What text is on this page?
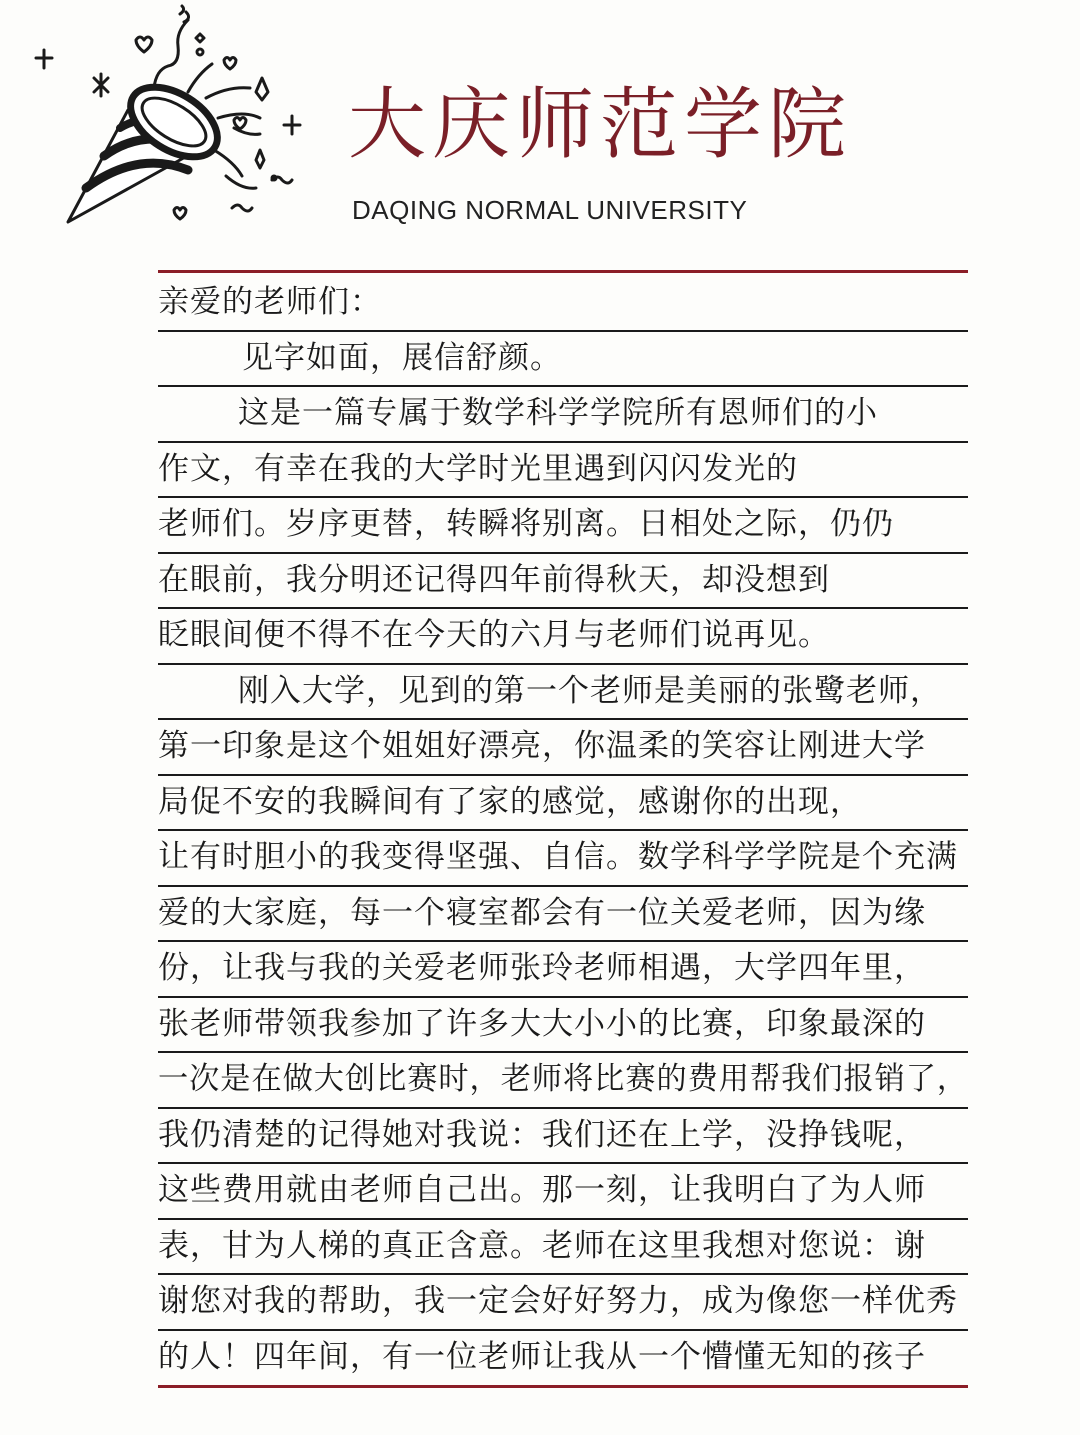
大庆师范学院
DAQING NORMAL UNIVERSITY
亲爱的老师们：
见字如面，展信舒颜。
这是一篇专属于数学科学学院所有恩师们的小
作文，有幸在我的大学时光里遇到闪闪发光的
老师们。岁序更替，转瞬将别离。日相处之际，仍仍
在眼前，我分明还记得四年前得秋天，却没想到
眨眼间便不得不在今天的六月与老师们说再见。
刚入大学，见到的第一个老师是美丽的张鹭老师，
第一印象是这个姐姐好漂亮，你温柔的笑容让刚进大学
局促不安的我瞬间有了家的感觉，感谢你的出现，
让有时胆小的我变得坚强、自信。数学科学学院是个充满
爱的大家庭，每一个寝室都会有一位关爱老师，因为缘
份，让我与我的关爱老师张玲老师相遇，大学四年里，
张老师带领我参加了许多大大小小的比赛，印象最深的
一次是在做大创比赛时，老师将比赛的费用帮我们报销了，
我仍清楚的记得她对我说：我们还在上学，没挣钱呢，
这些费用就由老师自己出。那一刻，让我明白了为人师
表，甘为人梯的真正含意。老师在这里我想对您说：谢
谢您对我的帮助，我一定会好好努力，成为像您一样优秀
的人！四年间，有一位老师让我从一个懵懂无知的孩子
